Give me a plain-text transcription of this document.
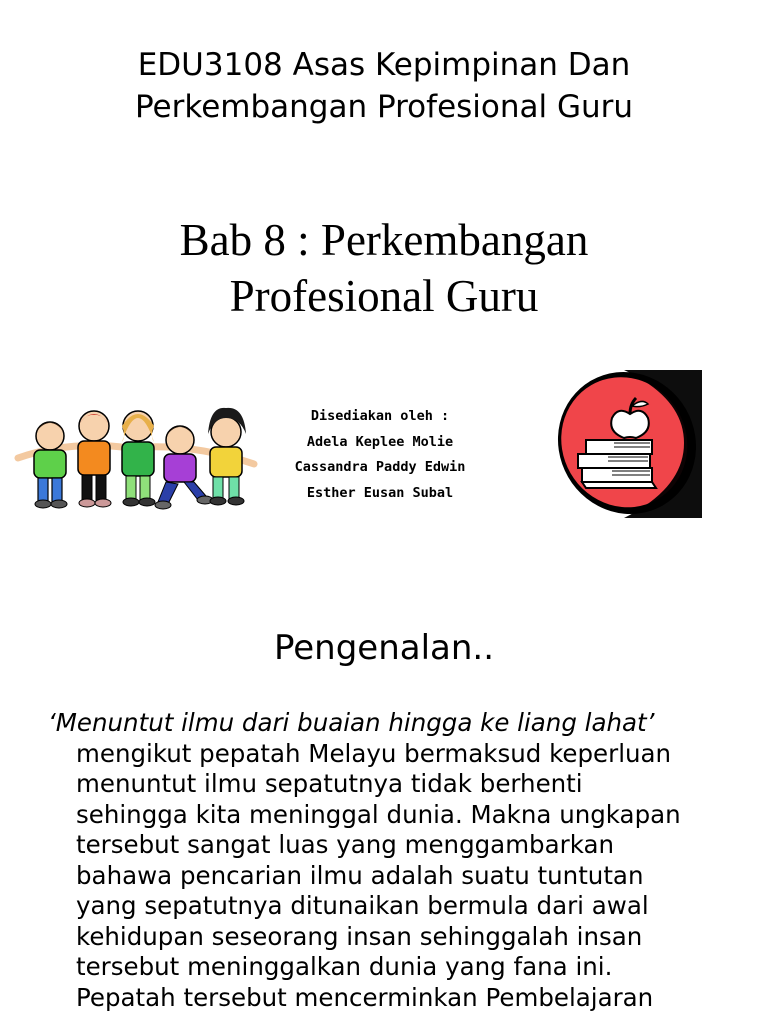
EDU3108 Asas Kepimpinan Dan
Perkembangan Profesional Guru
Bab 8 : Perkembangan
Profesional Guru
Disediakan oleh :
Adela Keplee Molie
Cassandra Paddy Edwin
Esther Eusan Subal
Pengenalan..
‘Menuntut ilmu dari buaian hingga ke liang lahat’
mengikut pepatah Melayu bermaksud keperluan
menuntut ilmu sepatutnya tidak berhenti
sehingga kita meninggal dunia. Makna ungkapan
tersebut sangat luas yang menggambarkan
bahawa pencarian ilmu adalah suatu tuntutan
yang sepatutnya ditunaikan bermula dari awal
kehidupan seseorang insan sehinggalah insan
tersebut meninggalkan dunia yang fana ini.
Pepatah tersebut mencerminkan Pembelajaran
